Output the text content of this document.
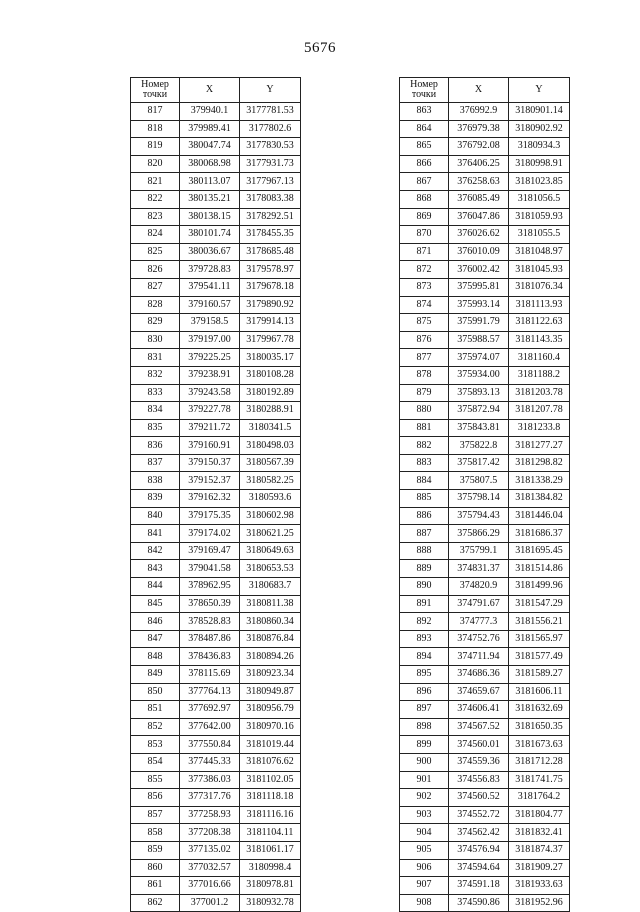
5676
Номер
точки	X	Y
817	379940.1	3177781.53
818	379989.41	3177802.6
819	380047.74	3177830.53
820	380068.98	3177931.73
821	380113.07	3177967.13
822	380135.21	3178083.38
823	380138.15	3178292.51
824	380101.74	3178455.35
825	380036.67	3178685.48
826	379728.83	3179578.97
827	379541.11	3179678.18
828	379160.57	3179890.92
829	379158.5	3179914.13
830	379197.00	3179967.78
831	379225.25	3180035.17
832	379238.91	3180108.28
833	379243.58	3180192.89
834	379227.78	3180288.91
835	379211.72	3180341.5
836	379160.91	3180498.03
837	379150.37	3180567.39
838	379152.37	3180582.25
839	379162.32	3180593.6
840	379175.35	3180602.98
841	379174.02	3180621.25
842	379169.47	3180649.63
843	379041.58	3180653.53
844	378962.95	3180683.7
845	378650.39	3180811.38
846	378528.83	3180860.34
847	378487.86	3180876.84
848	378436.83	3180894.26
849	378115.69	3180923.34
850	377764.13	3180949.87
851	377692.97	3180956.79
852	377642.00	3180970.16
853	377550.84	3181019.44
854	377445.33	3181076.62
855	377386.03	3181102.05
856	377317.76	3181118.18
857	377258.93	3181116.16
858	377208.38	3181104.11
859	377135.02	3181061.17
860	377032.57	3180998.4
861	377016.66	3180978.81
862	377001.2	3180932.78
Номер
точки	X	Y
863	376992.9	3180901.14
864	376979.38	3180902.92
865	376792.08	3180934.3
866	376406.25	3180998.91
867	376258.63	3181023.85
868	376085.49	3181056.5
869	376047.86	3181059.93
870	376026.62	3181055.5
871	376010.09	3181048.97
872	376002.42	3181045.93
873	375995.81	3181076.34
874	375993.14	3181113.93
875	375991.79	3181122.63
876	375988.57	3181143.35
877	375974.07	3181160.4
878	375934.00	3181188.2
879	375893.13	3181203.78
880	375872.94	3181207.78
881	375843.81	3181233.8
882	375822.8	3181277.27
883	375817.42	3181298.82
884	375807.5	3181338.29
885	375798.14	3181384.82
886	375794.43	3181446.04
887	375866.29	3181686.37
888	375799.1	3181695.45
889	374831.37	3181514.86
890	374820.9	3181499.96
891	374791.67	3181547.29
892	374777.3	3181556.21
893	374752.76	3181565.97
894	374711.94	3181577.49
895	374686.36	3181589.27
896	374659.67	3181606.11
897	374606.41	3181632.69
898	374567.52	3181650.35
899	374560.01	3181673.63
900	374559.36	3181712.28
901	374556.83	3181741.75
902	374560.52	3181764.2
903	374552.72	3181804.77
904	374562.42	3181832.41
905	374576.94	3181874.37
906	374594.64	3181909.27
907	374591.18	3181933.63
908	374590.86	3181952.96
